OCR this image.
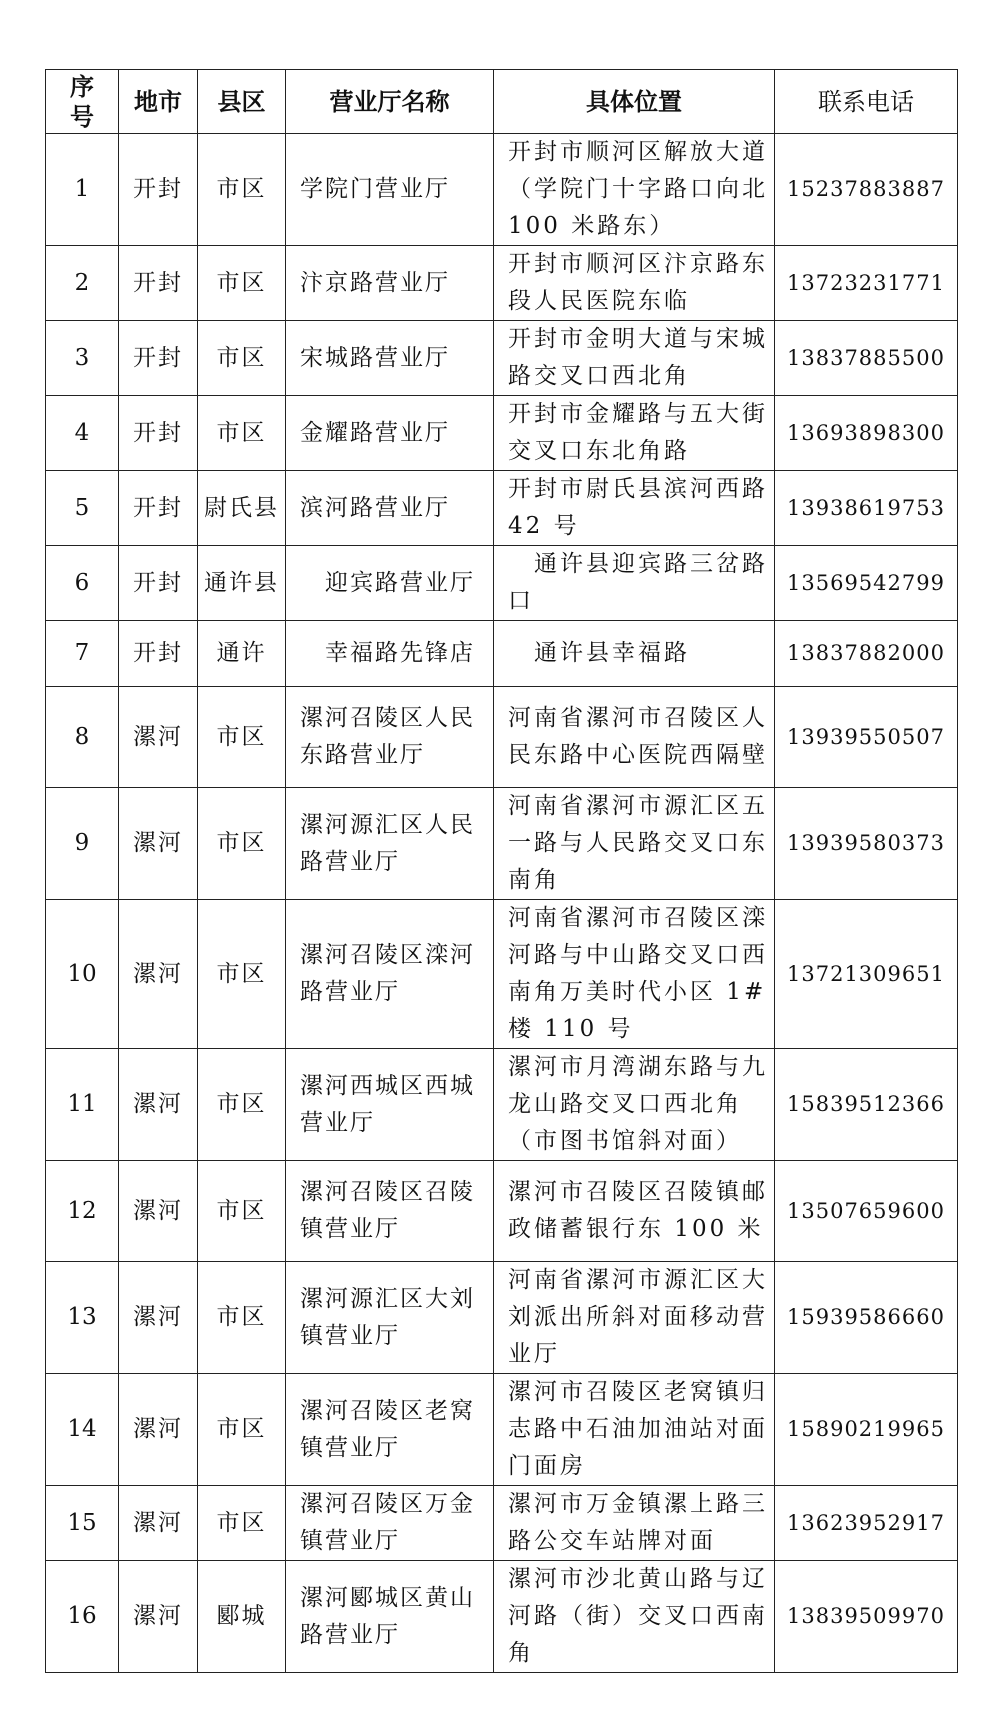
序号	地市	县区	营业厅名称	具体位置	联系电话
1	开封	市区	学院门营业厅	开封市顺河区解放大道（学院门十字路口向北 100 米路东）	15237883887
2	开封	市区	汴京路营业厅	开封市顺河区汴京路东段人民医院东临	13723231771
3	开封	市区	宋城路营业厅	开封市金明大道与宋城路交叉口西北角	13837885500
4	开封	市区	金耀路营业厅	开封市金耀路与五大街交叉口东北角路	13693898300
5	开封	尉氏县	滨河路营业厅	开封市尉氏县滨河西路 42 号	13938619753
6	开封	通许县	　迎宾路营业厅	　通许县迎宾路三岔路口	13569542799
7	开封	通许	　幸福路先锋店	　通许县幸福路	13837882000
8	漯河	市区	漯河召陵区人民东路营业厅	河南省漯河市召陵区人民东路中心医院西隔壁	13939550507
9	漯河	市区	漯河源汇区人民路营业厅	河南省漯河市源汇区五一路与人民路交叉口东南角	13939580373
10	漯河	市区	漯河召陵区滦河路营业厅	河南省漯河市召陵区滦河路与中山路交叉口西南角万美时代小区 1#楼 110 号	13721309651
11	漯河	市区	漯河西城区西城营业厅	漯河市月湾湖东路与九龙山路交叉口西北角（市图书馆斜对面）	15839512366
12	漯河	市区	漯河召陵区召陵镇营业厅	漯河市召陵区召陵镇邮政储蓄银行东 100 米	13507659600
13	漯河	市区	漯河源汇区大刘镇营业厅	河南省漯河市源汇区大刘派出所斜对面移动营业厅	15939586660
14	漯河	市区	漯河召陵区老窝镇营业厅	漯河市召陵区老窝镇归志路中石油加油站对面门面房	15890219965
15	漯河	市区	漯河召陵区万金镇营业厅	漯河市万金镇漯上路三路公交车站牌对面	13623952917
16	漯河	郾城	漯河郾城区黄山路营业厅	漯河市沙北黄山路与辽河路（街）交叉口西南角	13839509970
